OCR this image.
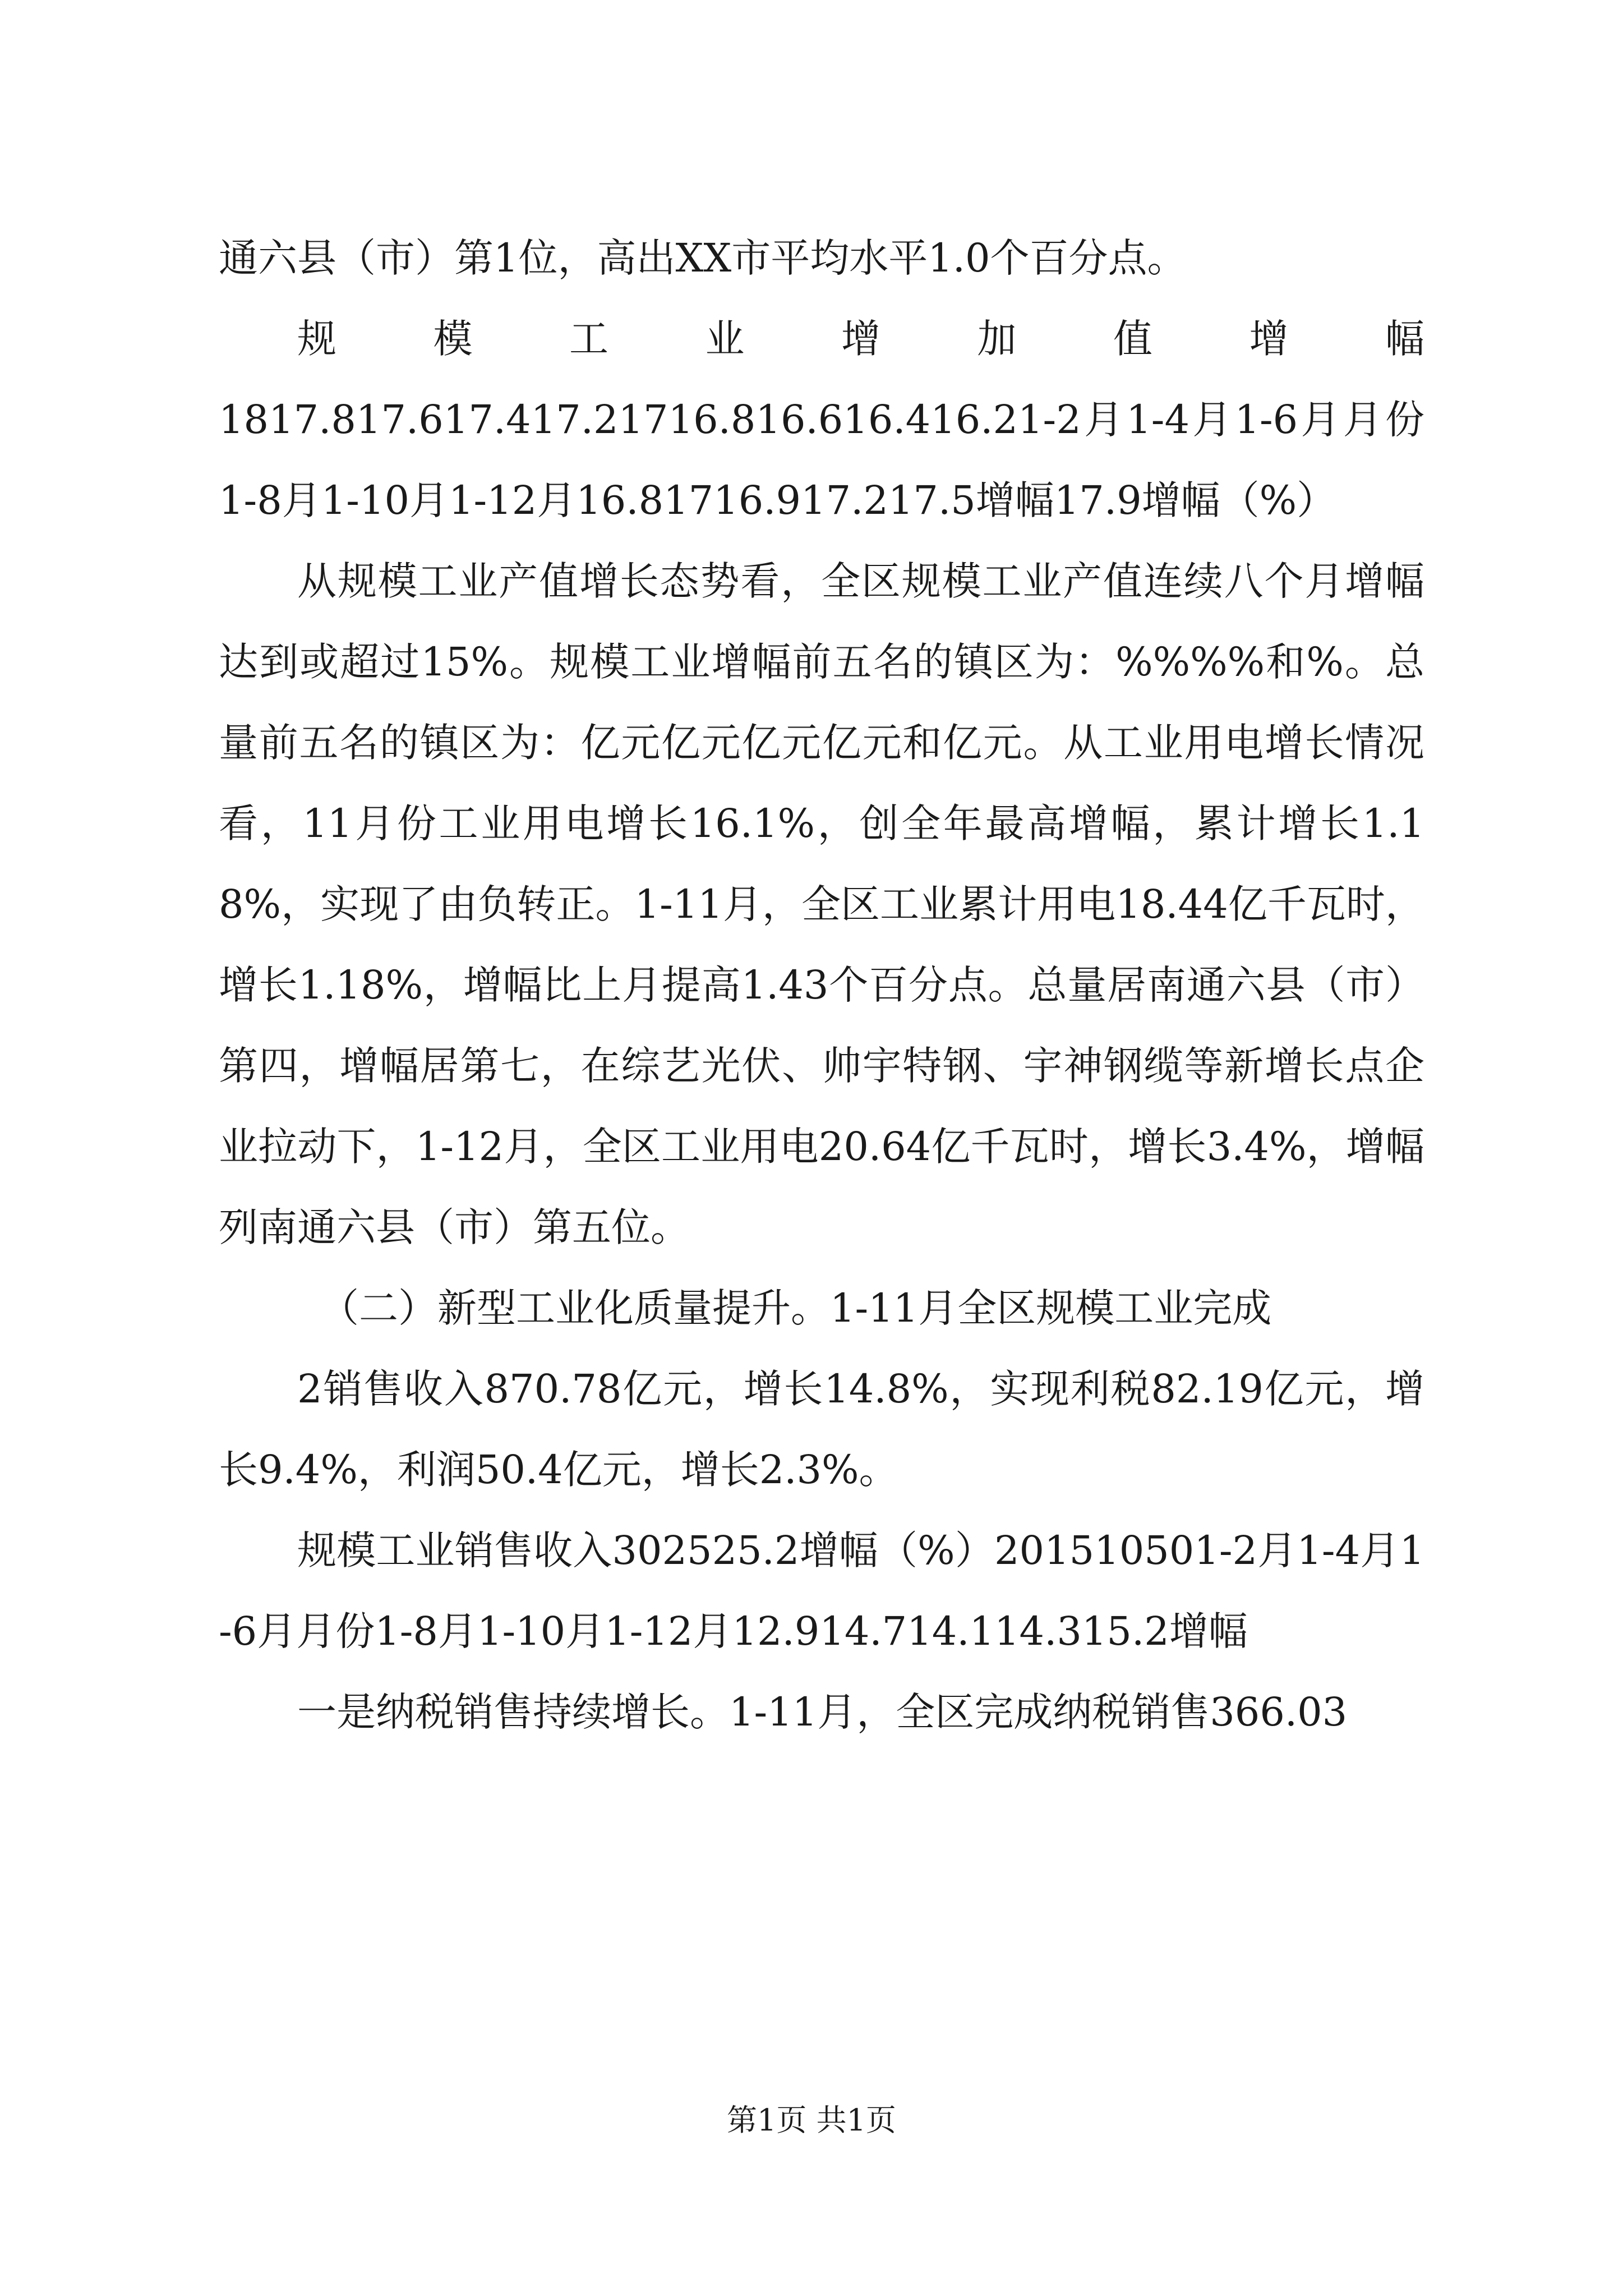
通六县（市）第1位，高出XX市平均水平1.0个百分点。

规模工业增加值增幅

1817.817.617.417.21716.816.616.416.21-2月1-4月1-6月月份1-8月1-10月1-12月16.81716.917.217.5增幅17.9增幅（%）

从规模工业产值增长态势看，全区规模工业产值连续八个月增幅达到或超过15%。规模工业增幅前五名的镇区为：%%%%和%。总量前五名的镇区为：亿元亿元亿元亿元和亿元。从工业用电增长情况看，11月份工业用电增长16.1%，创全年最高增幅，累计增长1.18%，实现了由负转正。1-11月，全区工业累计用电18.44亿千瓦时，增长1.18%，增幅比上月提高1.43个百分点。总量居南通六县（市）第四，增幅居第七，在综艺光伏、帅宇特钢、宇神钢缆等新增长点企业拉动下，1-12月，全区工业用电20.64亿千瓦时，增长3.4%，增幅列南通六县（市）第五位。

（二）新型工业化质量提升。1-11月全区规模工业完成

2销售收入870.78亿元，增长14.8%，实现利税82.19亿元，增长9.4%，利润50.4亿元，增长2.3%。

规模工业销售收入302525.2增幅（%）201510501-2月1-4月1-6月月份1-8月1-10月1-12月12.914.714.114.315.2增幅

一是纳税销售持续增长。1-11月，全区完成纳税销售366.03

第1页 共1页
